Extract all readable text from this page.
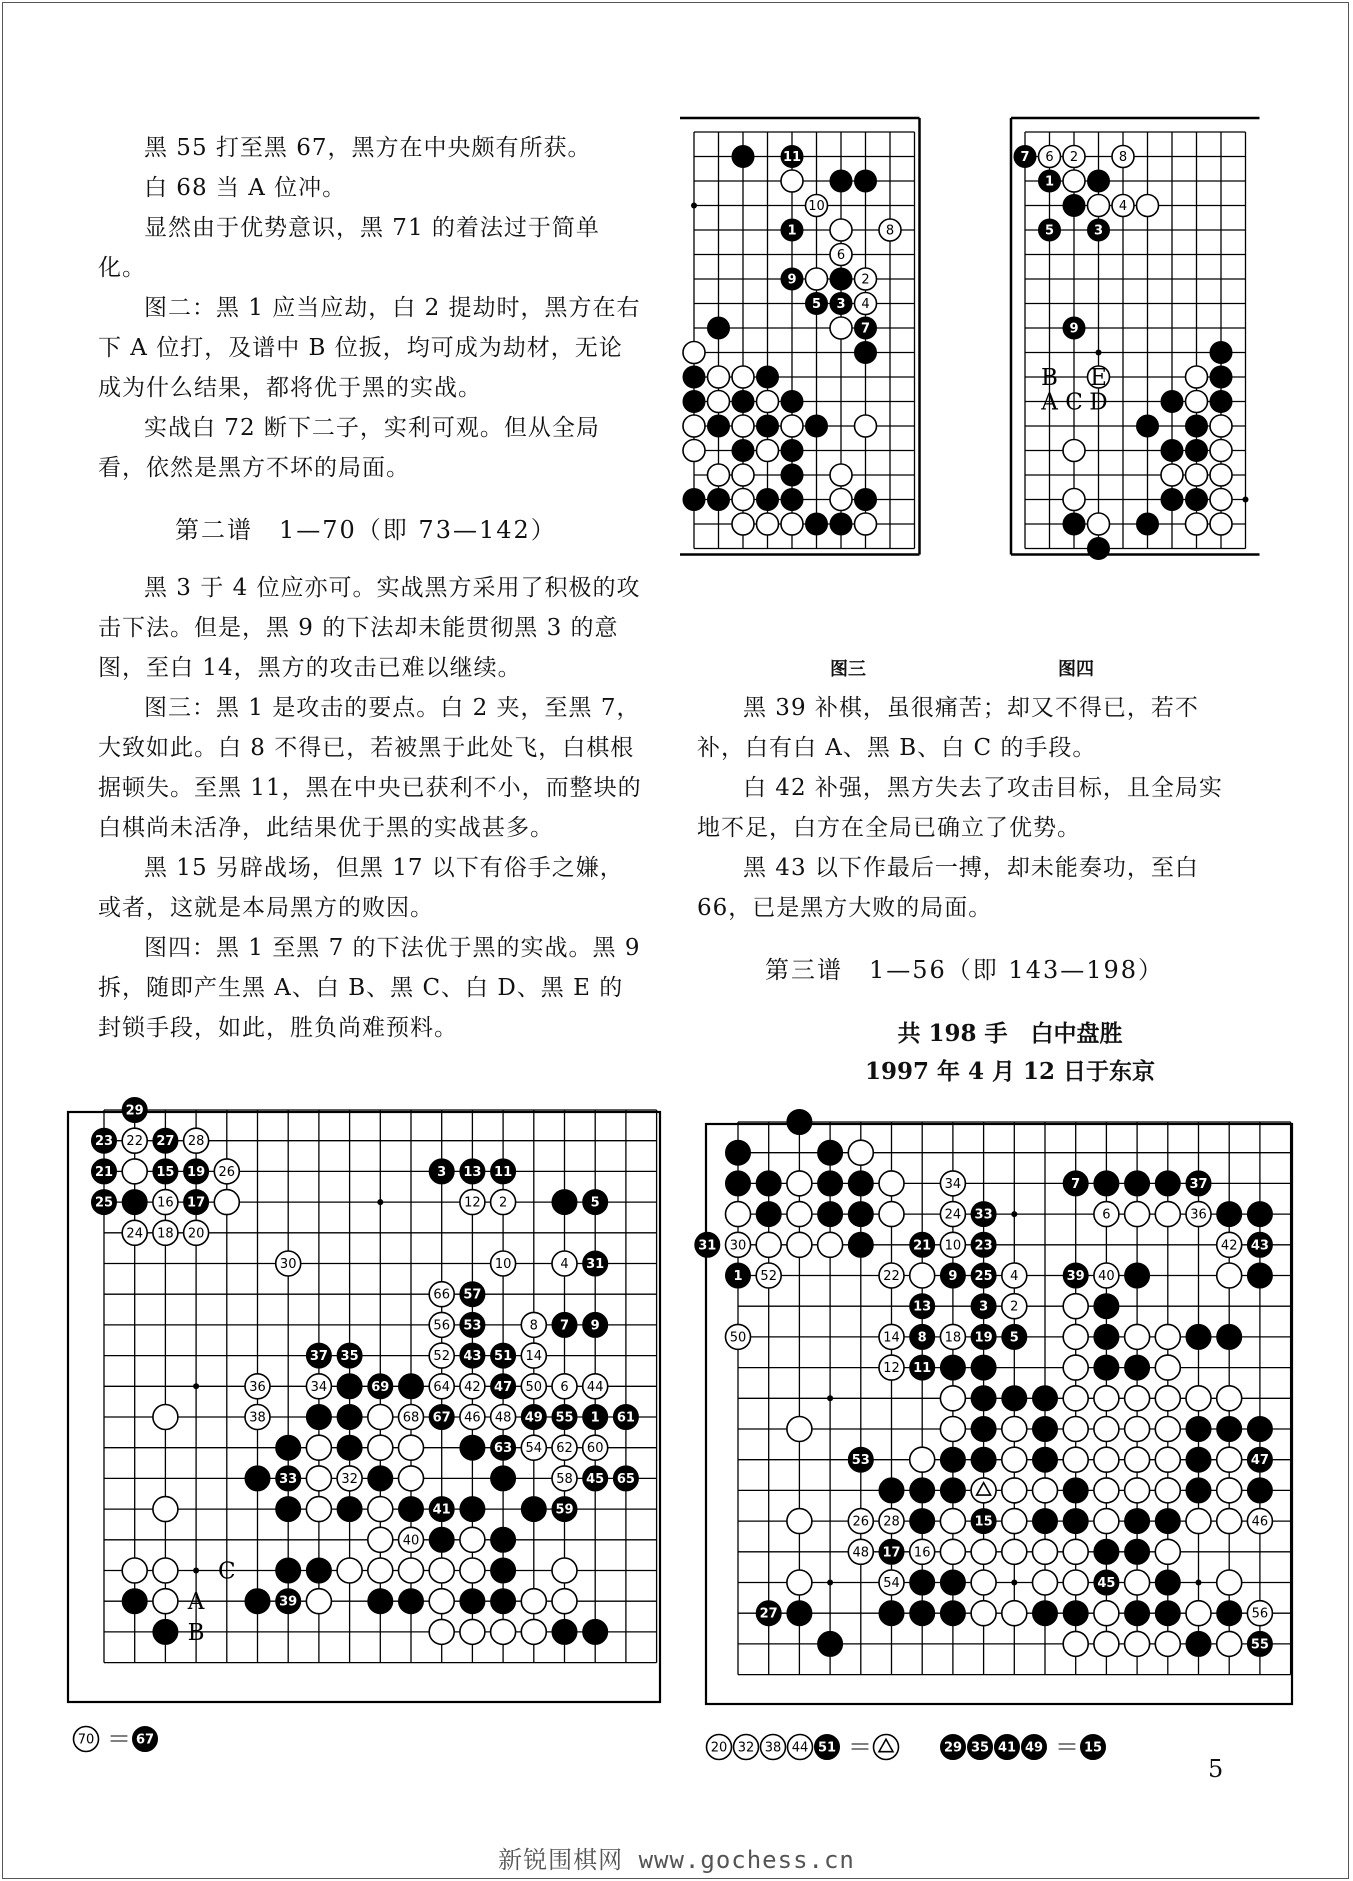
黑 55 打至黑 67，黑方在中央颇有所获。

白 68 当 A 位冲。

显然由于优势意识，黑 71 的着法过于简单化。

图二：黑 1 应当应劫，白 2 提劫时，黑方在右下 A 位打，及谱中 B 位扳，均可成为劫材，无论成为什么结果，都将优于黑的实战。

实战白 72 断下二子，实利可观。但从全局看，依然是黑方不坏的局面。

第二谱　1—70（即 73—142）

黑 3 于 4 位应亦可。实战黑方采用了积极的攻击下法。但是，黑 9 的下法却未能贯彻黑 3 的意图，至白 14，黑方的攻击已难以继续。

图三：黑 1 是攻击的要点。白 2 夹，至黑 7，大致如此。白 8 不得已，若被黑于此处飞，白棋根据顿失。至黑 11，黑在中央已获利不小，而整块的白棋尚未活净，此结果优于黑的实战甚多。

黑 15 另辟战场，但黑 17 以下有俗手之嫌，或者，这就是本局黑方的败因。

图四：黑 1 至黑 7 的下法优于黑的实战。黑 9 拆，随即产生黑 A、白 B、黑 C、白 D、黑 E 的封锁手段，如此，胜负尚难预料。

11
10
1	8
6
9	2
5 3 4
7
7 6 2	8
1
4
5	3
9
B E
A C D
图三	图四

黑 39 补棋，虽很痛苦；却又不得已，若不补，白有白 A、黑 B、白 C 的手段。

白 42 补强，黑方失去了攻击目标，且全局实地不足，白方在全局已确立了优势。

黑 43 以下作最后一搏，却未能奏功，至白 66，已是黑方大败的局面。

第三谱　1—56（即 143—198）
共 198 手　白中盘胜
1997 年 4 月 12 日于东京
29
23 22 27 28
21	15 19 26
25	16 17
24 18 20
3 13 11
12 2	5
30	10	4 31
66 57
56 53	8 7 9
37 35	52 43 51 14
36	34	69	64 42 47 50 6 44
38	68 67 46 48 49 55 1 61
63 54 62 60
33	32	58 45 65
41	59
40
39
C
A
B
34	7	37
24 33	6	36
31 30	21 10 23	42 43
1 52	22	9 25 4	39 40
13	3 2
50	14 8 18 19 5
12 11
53	47
26 28	15	46
48 17 16
54	45
27	56
55
70 ＝ 67
20 32 38 44 51 ＝	29 35 41 49 ＝ 15
5
新锐围棋网 www.gochess.cn
